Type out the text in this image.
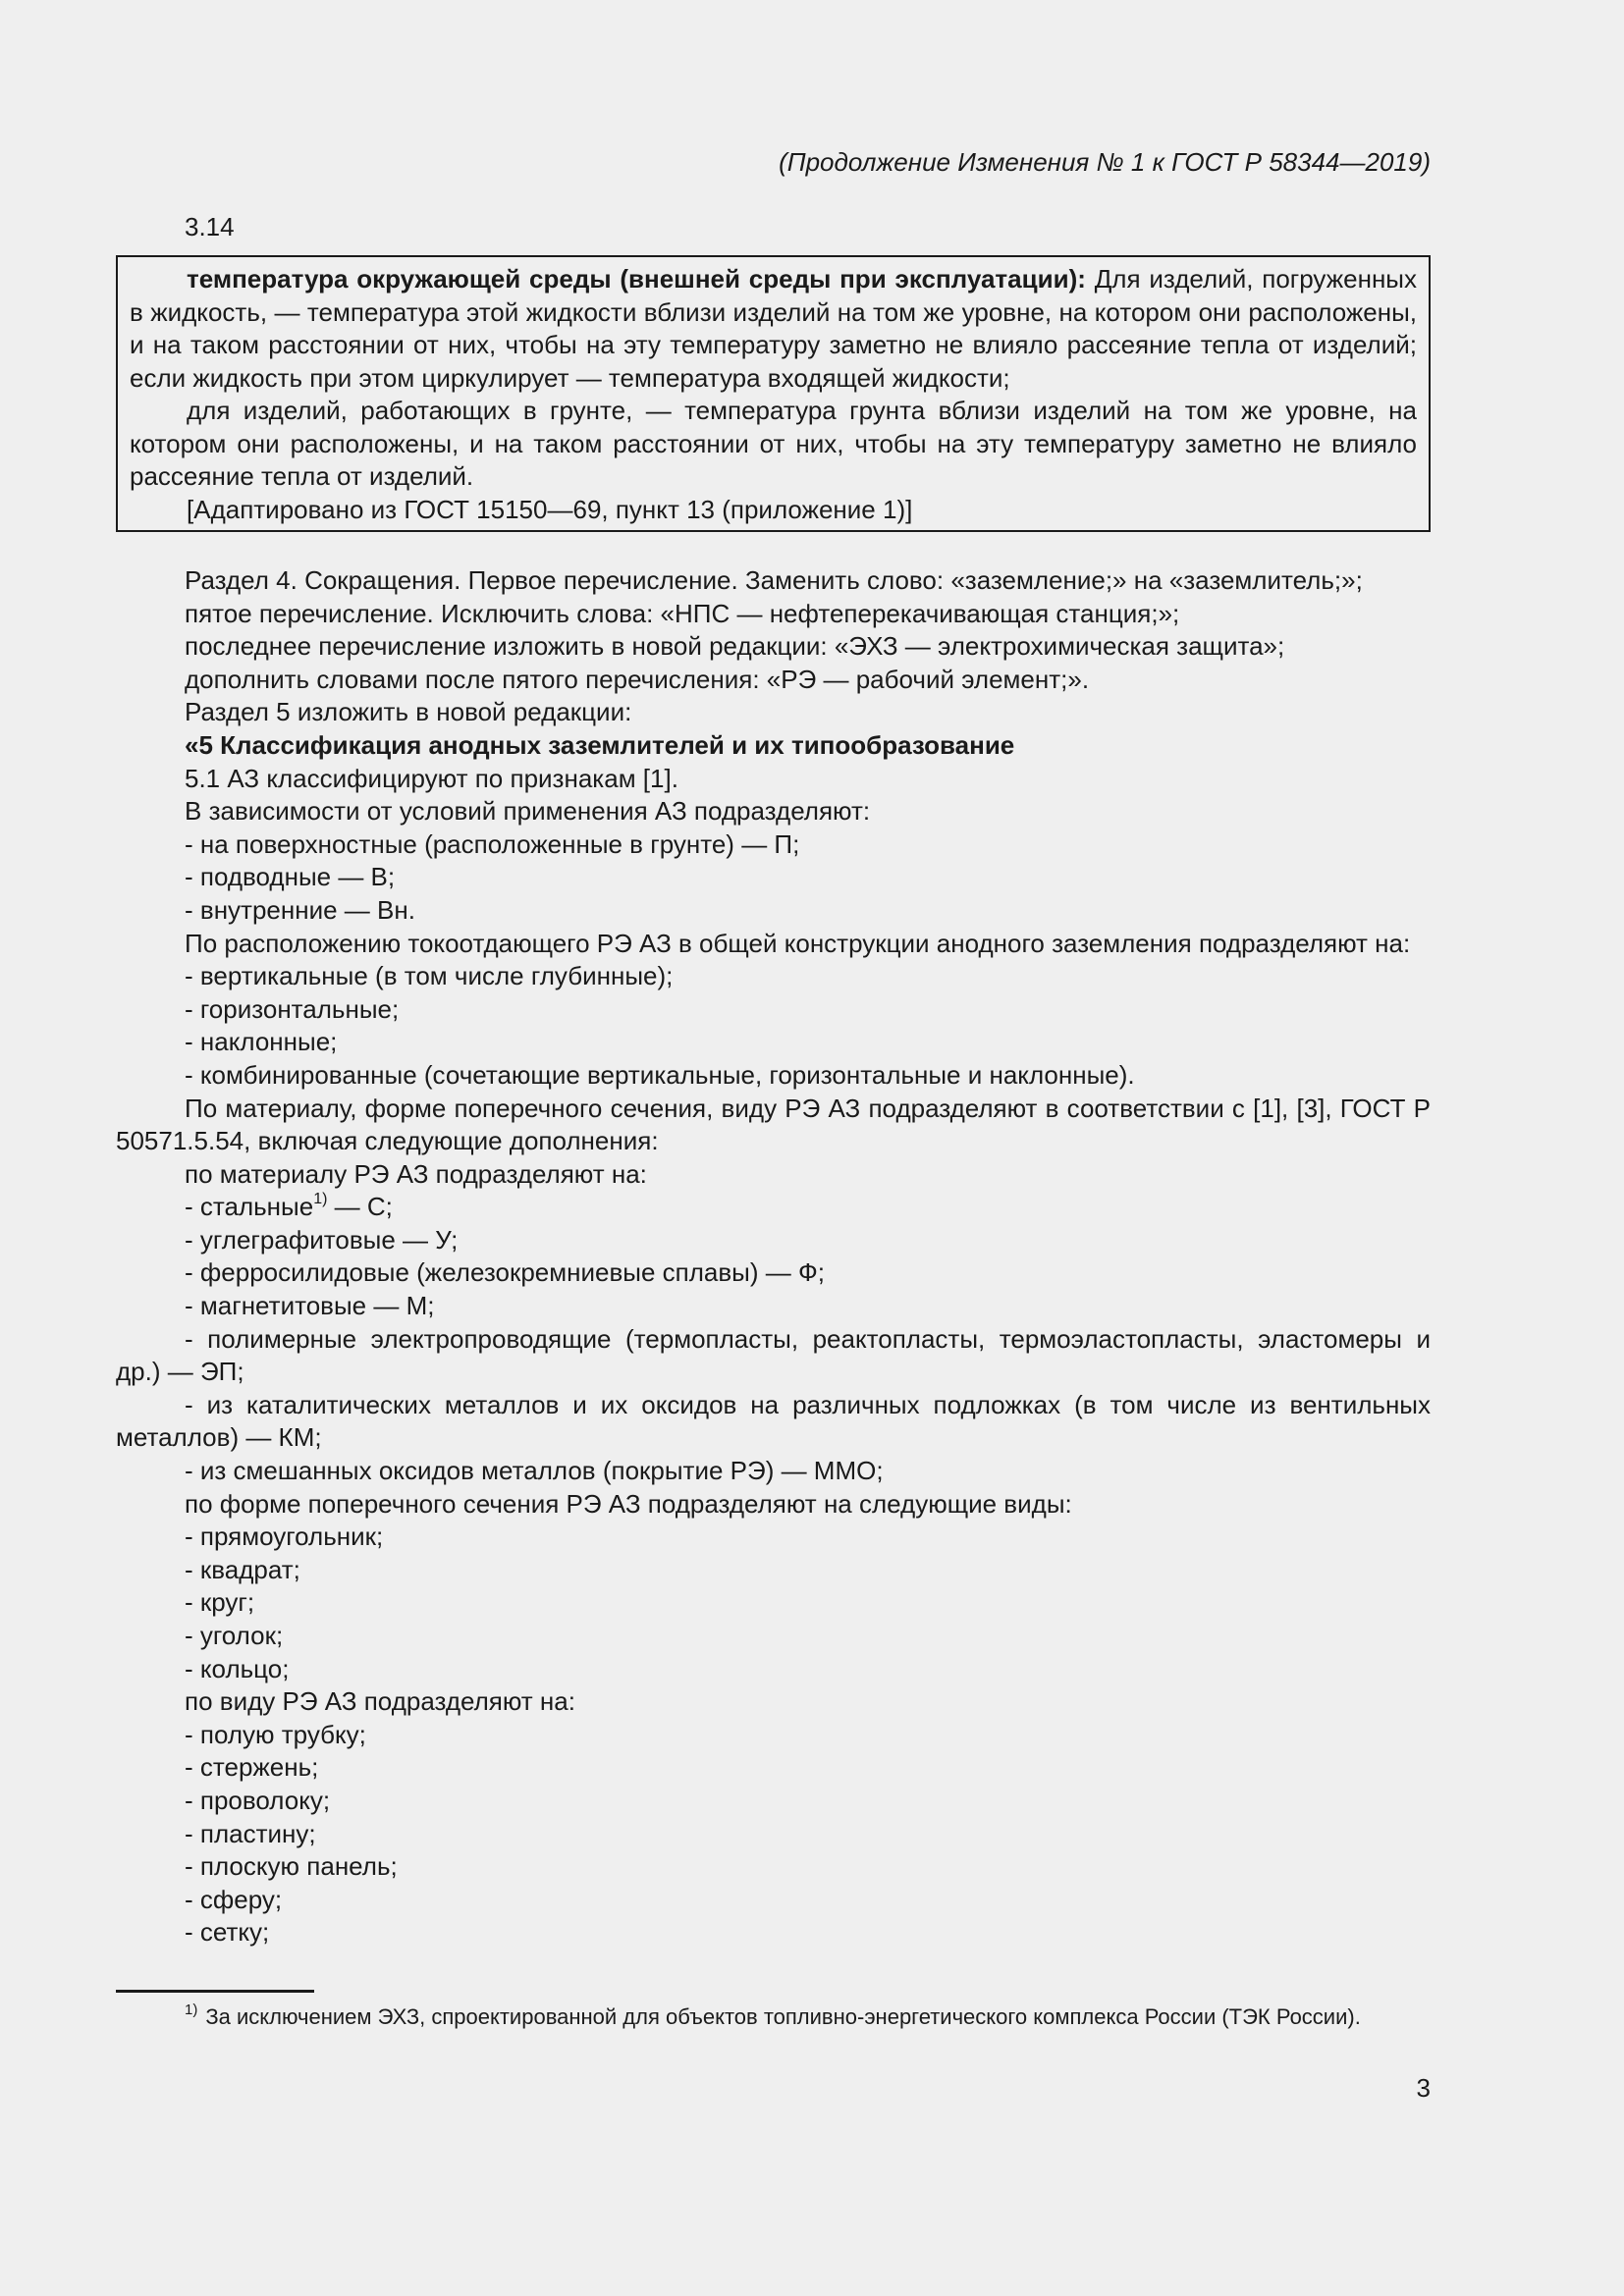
(Продолжение Изменения № 1 к ГОСТ Р 58344—2019)
3.14

температура окружающей среды (внешней среды при эксплуатации): Для изделий, погруженных в жидкость, — температура этой жидкости вблизи изделий на том же уровне, на котором они расположены, и на таком расстоянии от них, чтобы на эту температуру заметно не влияло рассеяние тепла от изделий; если жидкость при этом циркулирует — температура входящей жидкости;

для изделий, работающих в грунте, — температура грунта вблизи изделий на том же уровне, на котором они расположены, и на таком расстоянии от них, чтобы на эту температуру заметно не влияло рассеяние тепла от изделий.

[Адаптировано из ГОСТ 15150—69, пункт 13 (приложение 1)]

Раздел 4. Сокращения. Первое перечисление. Заменить слово: «заземление;» на «заземлитель;»;

пятое перечисление. Исключить слова: «НПС — нефтеперекачивающая станция;»;

последнее перечисление изложить в новой редакции: «ЭХЗ — электрохимическая защита»;

дополнить словами после пятого перечисления: «РЭ — рабочий элемент;».

Раздел 5 изложить в новой редакции:

«5 Классификация анодных заземлителей и их типообразование

5.1 АЗ классифицируют по признакам [1].

В зависимости от условий применения АЗ подразделяют:

- на поверхностные (расположенные в грунте) — П;

- подводные — В;

- внутренние — Вн.

По расположению токоотдающего РЭ АЗ в общей конструкции анодного заземления подразделяют на:

- вертикальные (в том числе глубинные);

- горизонтальные;

- наклонные;

- комбинированные (сочетающие вертикальные, горизонтальные и наклонные).

По материалу, форме поперечного сечения, виду РЭ АЗ подразделяют в соответствии с [1], [3], ГОСТ Р 50571.5.54, включая следующие дополнения:

по материалу РЭ АЗ подразделяют на:

- стальные$^{1)}$ — С;

- углеграфитовые — У;

- ферросилидовые (железокремниевые сплавы) — Ф;

- магнетитовые — М;

- полимерные электропроводящие (термопласты, реактопласты, термоэластопласты, эластомеры и др.) — ЭП;

- из каталитических металлов и их оксидов на различных подложках (в том числе из вентильных металлов) — КМ;

- из смешанных оксидов металлов (покрытие РЭ) — ММО;

по форме поперечного сечения РЭ АЗ подразделяют на следующие виды:

- прямоугольник;

- квадрат;

- круг;

- уголок;

- кольцо;

по виду РЭ АЗ подразделяют на:

- полую трубку;

- стержень;

- проволоку;

- пластину;

- плоскую панель;

- сферу;

- сетку;

$^{1)}$ За исключением ЭХЗ, спроектированной для объектов топливно-энергетического комплекса России (ТЭК России).
3
